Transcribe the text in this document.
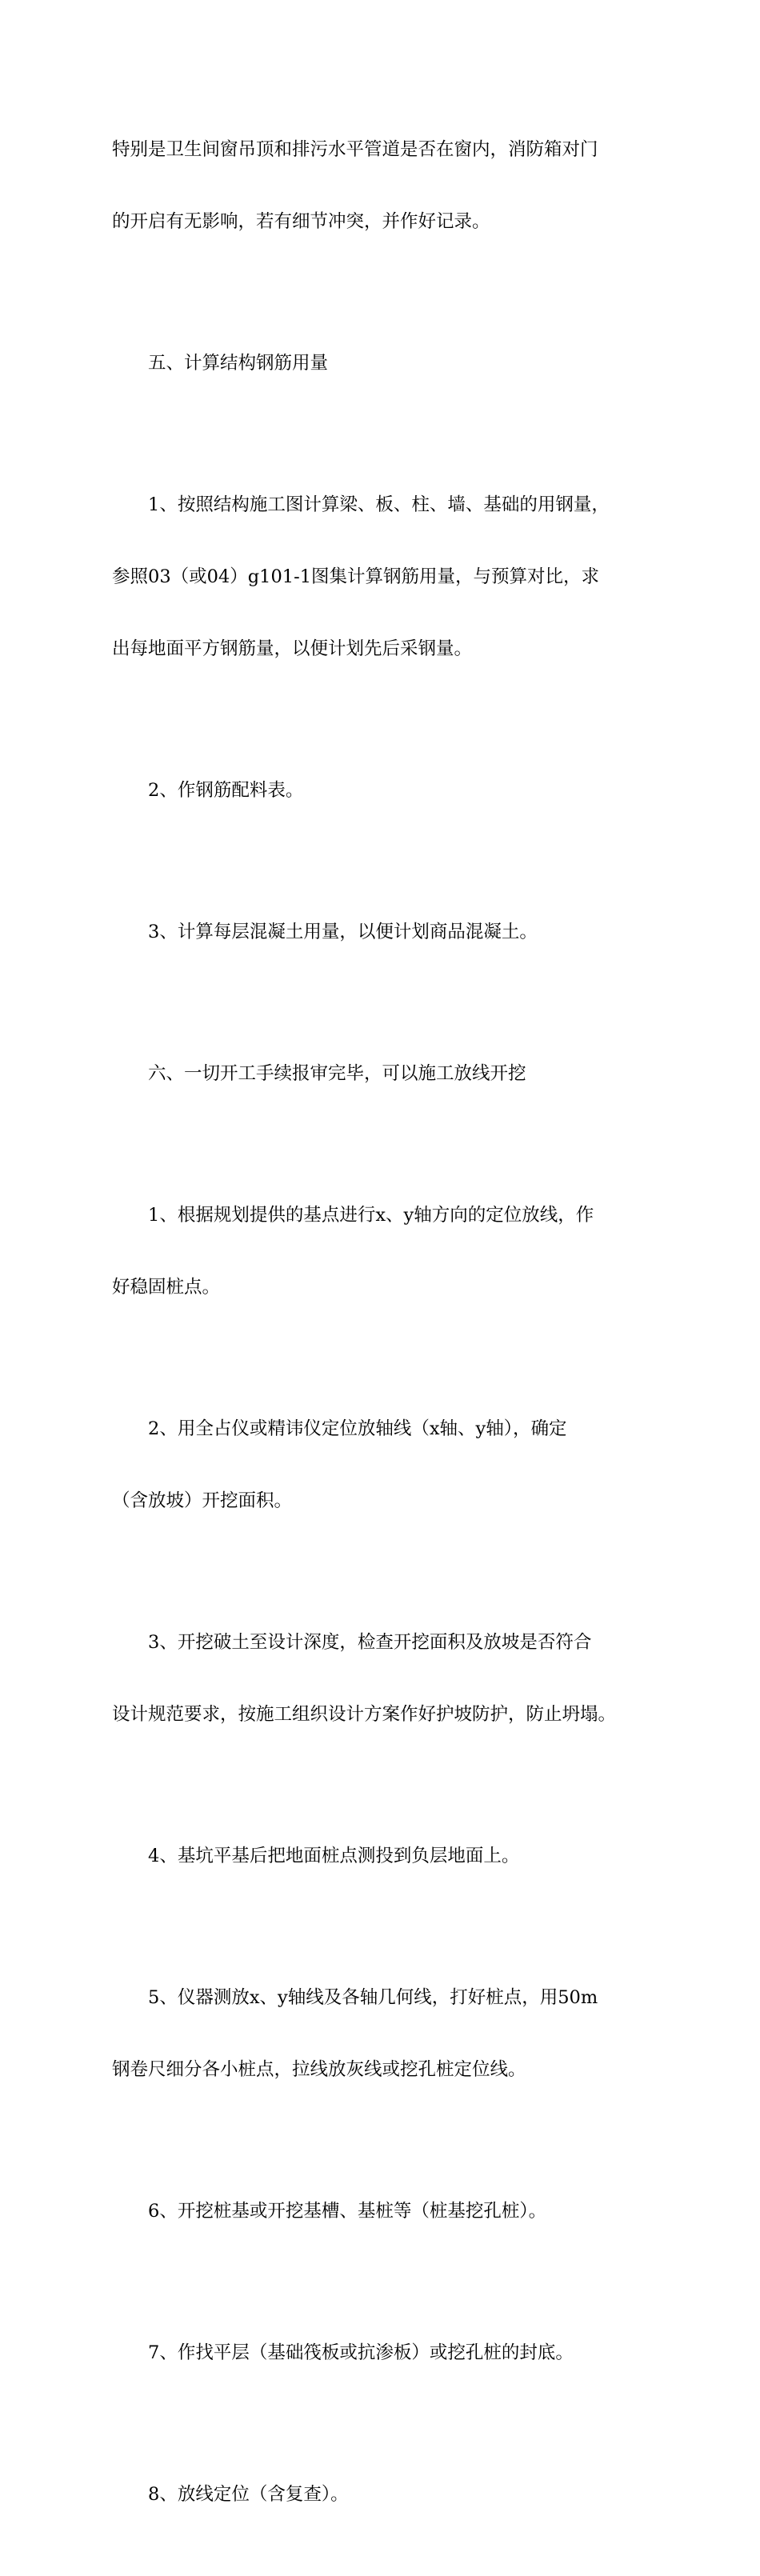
特别是卫生间窗吊顶和排污水平管道是否在窗内，消防箱对门

的开启有无影响，若有细节冲突，并作好记录。

　　五、计算结构钢筋用量

　　1、按照结构施工图计算梁、板、柱、墙、基础的用钢量，

参照03（或04）g101-1图集计算钢筋用量，与预算对比，求

出每地面平方钢筋量，以便计划先后采钢量。

　　2、作钢筋配料表。

　　3、计算每层混凝土用量，以便计划商品混凝土。

　　六、一切开工手续报审完毕，可以施工放线开挖

　　1、根据规划提供的基点进行x、y轴方向的定位放线，作

好稳固桩点。

　　2、用全占仪或精讳仪定位放轴线（x轴、y轴），确定

（含放坡）开挖面积。

　　3、开挖破土至设计深度，检查开挖面积及放坡是否符合

设计规范要求，按施工组织设计方案作好护坡防护，防止坍塌。

　　4、基坑平基后把地面桩点测投到负层地面上。

　　5、仪器测放x、y轴线及各轴几何线，打好桩点，用50m

钢卷尺细分各小桩点，拉线放灰线或挖孔桩定位线。

　　6、开挖桩基或开挖基槽、基桩等（桩基挖孔桩）。

　　7、作找平层（基础筏板或抗渗板）或挖孔桩的封底。

　　8、放线定位（含复查）。
